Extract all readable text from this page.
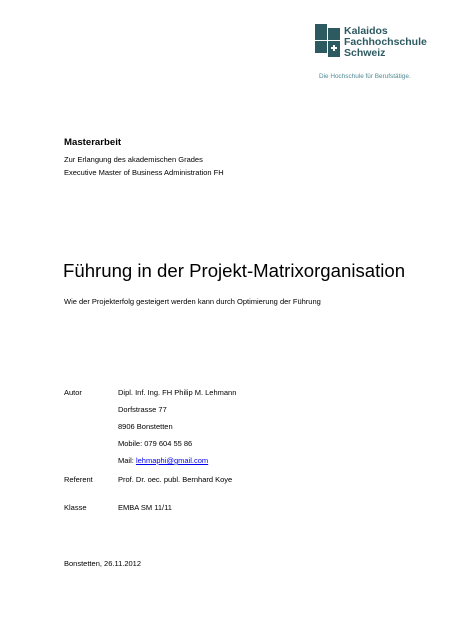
Kalaidos
Fachhochschule
Schweiz
Die Hochschule für Berufstätige.
Masterarbeit
Zur Erlangung des akademischen Grades
Executive Master of Business Administration FH
Führung in der Projekt-Matrixorganisation
Wie der Projekterfolg gesteigert werden kann durch Optimierung der Führung
Autor	Dipl. Inf. Ing. FH Philip M. Lehmann
Dorfstrasse 77
8906 Bonstetten
Mobile: 079 604 55 86
Mail: lehmaphi@gmail.com
Referent	Prof. Dr. oec. publ. Bernhard Koye
Klasse	EMBA SM 11/11
Bonstetten, 26.11.2012
